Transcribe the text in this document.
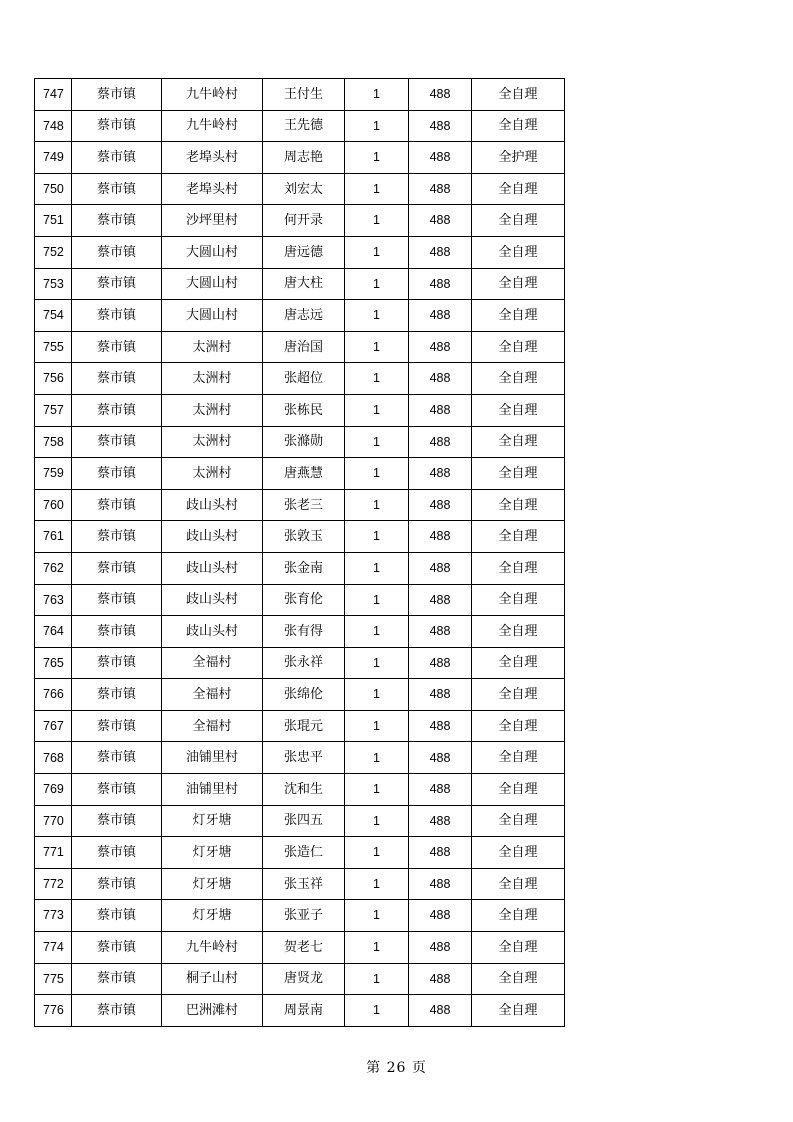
747	蔡市镇	九牛岭村	王付生	1	488	全自理
748	蔡市镇	九牛岭村	王先德	1	488	全自理
749	蔡市镇	老埠头村	周志艳	1	488	全护理
750	蔡市镇	老埠头村	刘宏太	1	488	全自理
751	蔡市镇	沙坪里村	何开录	1	488	全自理
752	蔡市镇	大圆山村	唐远德	1	488	全自理
753	蔡市镇	大圆山村	唐大柱	1	488	全自理
754	蔡市镇	大圆山村	唐志远	1	488	全自理
755	蔡市镇	太洲村	唐治国	1	488	全自理
756	蔡市镇	太洲村	张超位	1	488	全自理
757	蔡市镇	太洲村	张栋民	1	488	全自理
758	蔡市镇	太洲村	张滌勋	1	488	全自理
759	蔡市镇	太洲村	唐燕慧	1	488	全自理
760	蔡市镇	歧山头村	张老三	1	488	全自理
761	蔡市镇	歧山头村	张敦玉	1	488	全自理
762	蔡市镇	歧山头村	张金南	1	488	全自理
763	蔡市镇	歧山头村	张育伦	1	488	全自理
764	蔡市镇	歧山头村	张有得	1	488	全自理
765	蔡市镇	全福村	张永祥	1	488	全自理
766	蔡市镇	全福村	张绵伦	1	488	全自理
767	蔡市镇	全福村	张琨元	1	488	全自理
768	蔡市镇	油铺里村	张忠平	1	488	全自理
769	蔡市镇	油铺里村	沈和生	1	488	全自理
770	蔡市镇	灯牙塘	张四五	1	488	全自理
771	蔡市镇	灯牙塘	张造仁	1	488	全自理
772	蔡市镇	灯牙塘	张玉祥	1	488	全自理
773	蔡市镇	灯牙塘	张亚子	1	488	全自理
774	蔡市镇	九牛岭村	贺老七	1	488	全自理
775	蔡市镇	桐子山村	唐贤龙	1	488	全自理
776	蔡市镇	巴洲滩村	周景南	1	488	全自理
第 26 页
